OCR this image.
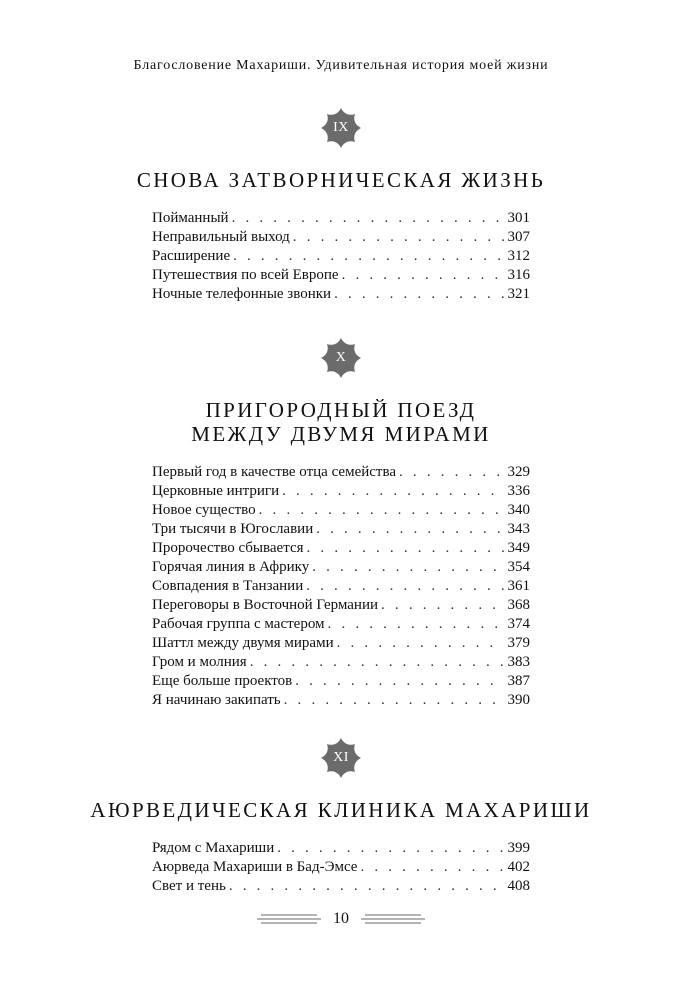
Благословение Махариши. Удивительная история моей жизни
IX
СНОВА ЗАТВОРНИЧЕСКАЯ ЖИЗНЬ
Пойманный . . .	301
Неправильный выход . . .	307
Расширение . . .	312
Путешествия по всей Европе . . .	316
Ночные телефонные звонки . . .	321
X
ПРИГОРОДНЫЙ ПОЕЗД
МЕЖДУ ДВУМЯ МИРАМИ
Первый год в качестве отца семейства . . .	329
Церковные интриги . . .	336
Новое существо . . .	340
Три тысячи в Югославии . . .	343
Пророчество сбывается . . .	349
Горячая линия в Африку . . .	354
Совпадения в Танзании . . .	361
Переговоры в Восточной Германии . . .	368
Рабочая группа с мастером . . .	374
Шаттл между двумя мирами . . .	379
Гром и молния . . .	383
Еще больше проектов . . .	387
Я начинаю закипать . . .	390
XI
АЮРВЕДИЧЕСКАЯ КЛИНИКА МАХАРИШИ
Рядом с Махариши . . .	399
Аюрведа Махариши в Бад-Эмсе . . .	402
Свет и тень . . .	408
10
